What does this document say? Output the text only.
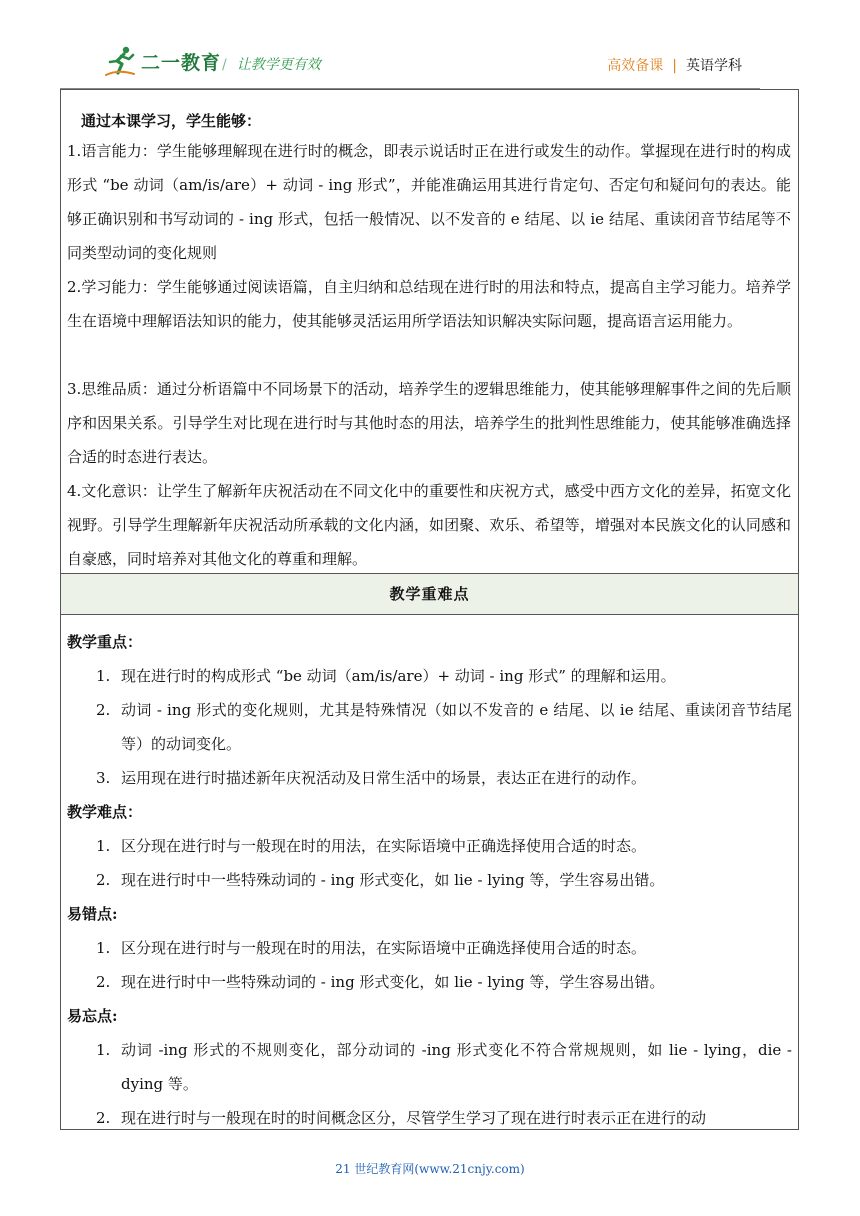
二一教育 / 让教学更有效	高效备课 | 英语学科
通过本课学习，学生能够：
1.语言能力：学生能够理解现在进行时的概念，即表示说话时正在进行或发生的动作。掌握现在进行时的构成形式 “be 动词（am/is/are）+ 动词 - ing 形式”，并能准确运用其进行肯定句、否定句和疑问句的表达。能够正确识别和书写动词的 - ing 形式，包括一般情况、以不发音的 e 结尾、以 ie 结尾、重读闭音节结尾等不同类型动词的变化规则
2.学习能力：学生能够通过阅读语篇，自主归纳和总结现在进行时的用法和特点，提高自主学习能力。培养学生在语境中理解语法知识的能力，使其能够灵活运用所学语法知识解决实际问题，提高语言运用能力。
3.思维品质：通过分析语篇中不同场景下的活动，培养学生的逻辑思维能力，使其能够理解事件之间的先后顺序和因果关系。引导学生对比现在进行时与其他时态的用法，培养学生的批判性思维能力，使其能够准确选择合适的时态进行表达。
4.文化意识：让学生了解新年庆祝活动在不同文化中的重要性和庆祝方式，感受中西方文化的差异，拓宽文化视野。引导学生理解新年庆祝活动所承载的文化内涵，如团聚、欢乐、希望等，增强对本民族文化的认同感和自豪感，同时培养对其他文化的尊重和理解。
教学重难点
教学重点：
1. 现在进行时的构成形式 “be 动词（am/is/are）+ 动词 - ing 形式” 的理解和运用。
2. 动词 - ing 形式的变化规则，尤其是特殊情况（如以不发音的 e 结尾、以 ie 结尾、重读闭音节结尾等）的动词变化。
3. 运用现在进行时描述新年庆祝活动及日常生活中的场景，表达正在进行的动作。
教学难点：
1. 区分现在进行时与一般现在时的用法，在实际语境中正确选择使用合适的时态。
2. 现在进行时中一些特殊动词的 - ing 形式变化，如 lie - lying 等，学生容易出错。
易错点:
1. 区分现在进行时与一般现在时的用法，在实际语境中正确选择使用合适的时态。
2. 现在进行时中一些特殊动词的 - ing 形式变化，如 lie - lying 等，学生容易出错。
易忘点:
1. 动词 -ing 形式的不规则变化，部分动词的 -ing 形式变化不符合常规规则，如 lie - lying，die - dying 等。
2. 现在进行时与一般现在时的时间概念区分，尽管学生学习了现在进行时表示正在进行的动
21 世纪教育网(www.21cnjy.com)
